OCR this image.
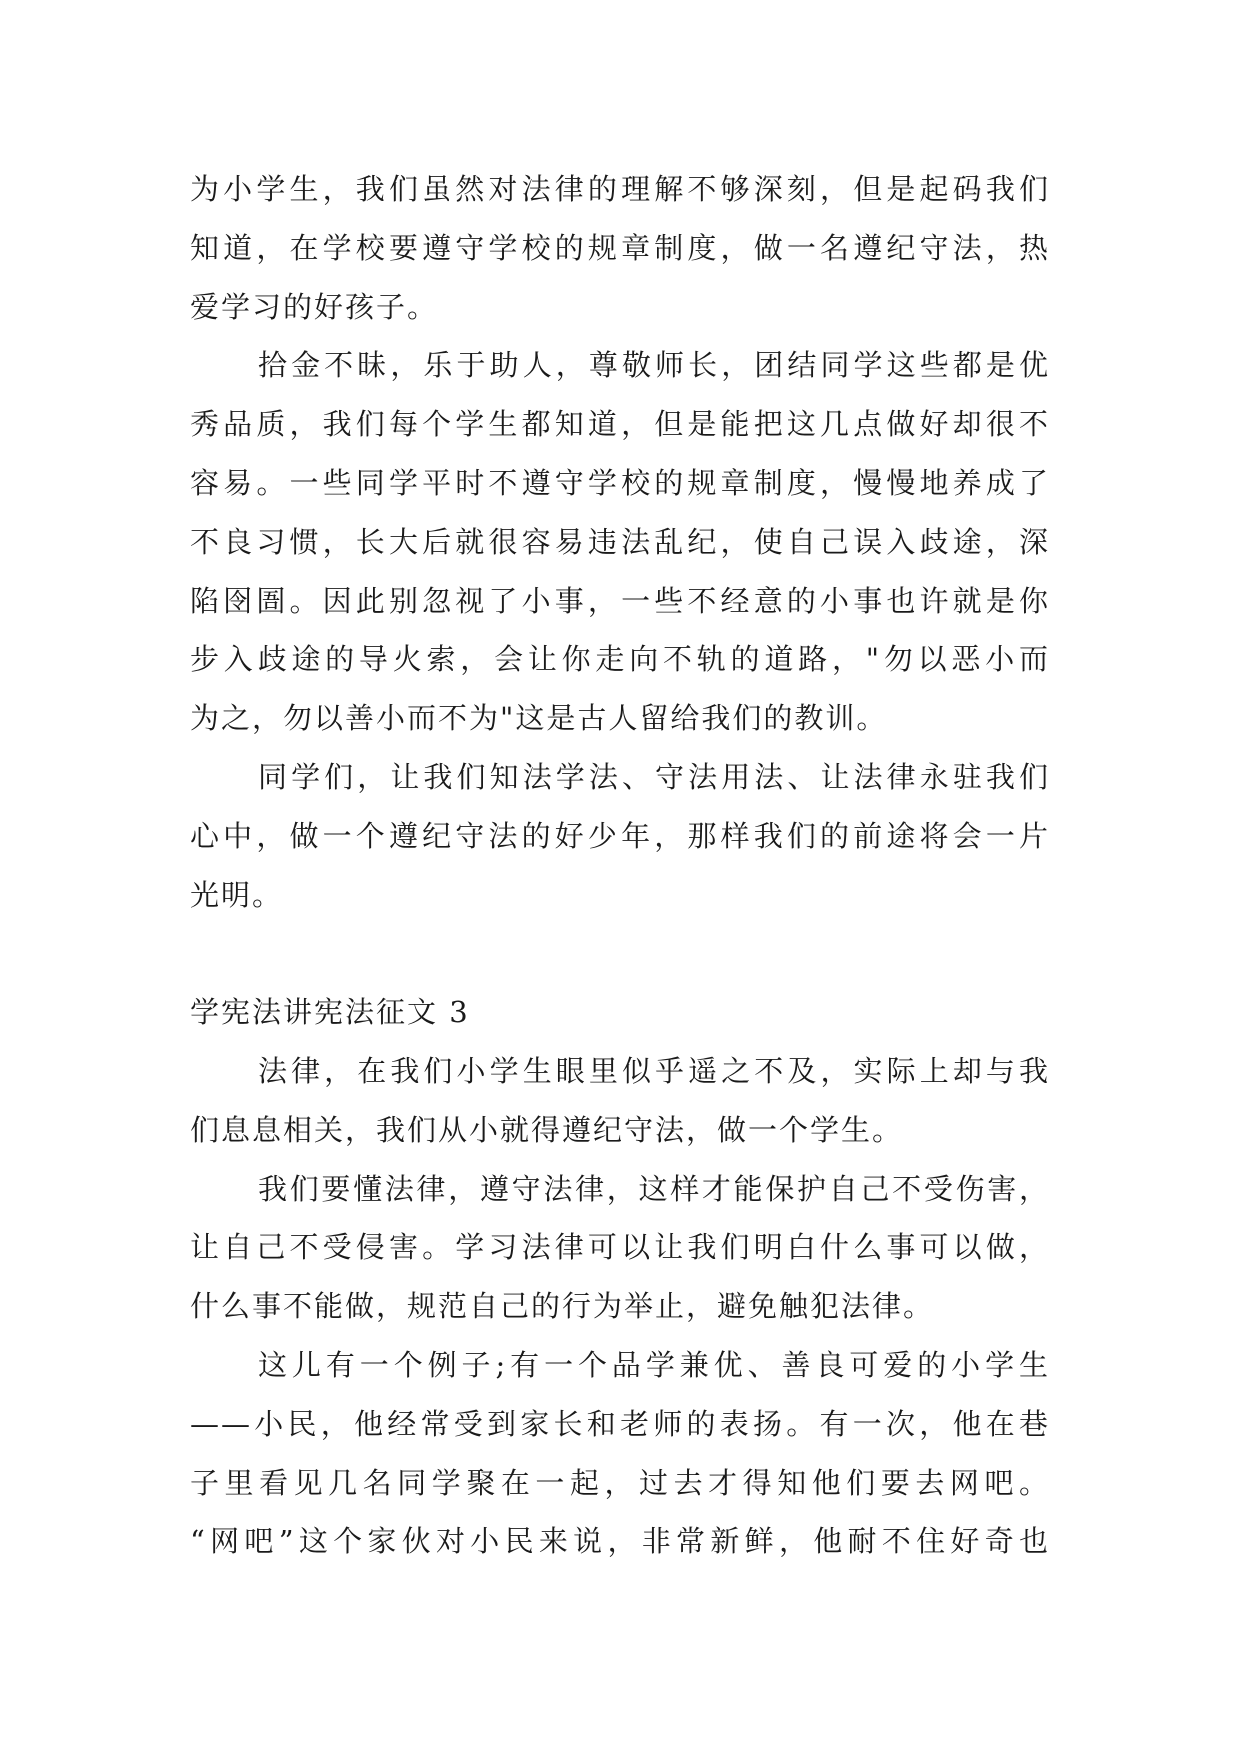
为小学生，我们虽然对法律的理解不够深刻，但是起码我们
知道，在学校要遵守学校的规章制度，做一名遵纪守法，热
爱学习的好孩子。
拾金不昧，乐于助人，尊敬师长，团结同学这些都是优
秀品质，我们每个学生都知道，但是能把这几点做好却很不
容易。一些同学平时不遵守学校的规章制度，慢慢地养成了
不良习惯，长大后就很容易违法乱纪，使自己误入歧途，深
陷囹圄。因此别忽视了小事，一些不经意的小事也许就是你
步入歧途的导火索，会让你走向不轨的道路，"勿以恶小而
为之，勿以善小而不为"这是古人留给我们的教训。
同学们，让我们知法学法、守法用法、让法律永驻我们
心中，做一个遵纪守法的好少年，那样我们的前途将会一片
光明。
学宪法讲宪法征文 3
法律，在我们小学生眼里似乎遥之不及，实际上却与我
们息息相关，我们从小就得遵纪守法，做一个学生。
我们要懂法律，遵守法律，这样才能保护自己不受伤害，
让自己不受侵害。学习法律可以让我们明白什么事可以做，
什么事不能做，规范自己的行为举止，避免触犯法律。
这儿有一个例子;有一个品学兼优、善良可爱的小学生
——小民，他经常受到家长和老师的表扬。有一次，他在巷
子里看见几名同学聚在一起，过去才得知他们要去网吧。
“网吧”这个家伙对小民来说，非常新鲜，他耐不住好奇也
